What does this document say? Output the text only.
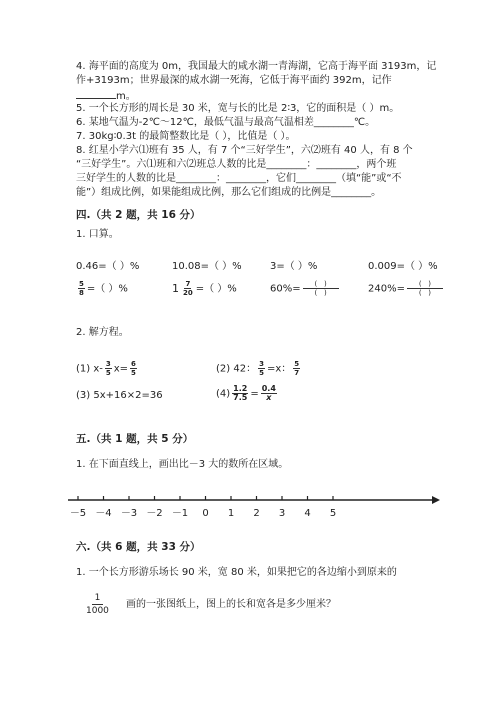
4. 海平面的高度为 0m，我国最大的咸水湖一青海湖，它高于海平面 3193m，记
作+3193m；世界最深的咸水湖一死海，它低于海平面约 392m，记作
m。
5. 一个长方形的周长是 30 米，宽与长的比是 2∶3，它的面积是（ ）m。
6. 某地气温为-2℃～12℃，最低气温与最高气温相差________℃。
7. 30kg∶0.3t 的最简整数比是（ ），比值是（ ）。
8. 红星小学六⑴班有 35 人，有 7 个“三好学生”，六⑵班有 40 人，有 8 个
“三好学生”。六⑴班和六⑵班总人数的比是________：________，两个班
三好学生的人数的比是________：________，它们________（填“能”或“不
能”）组成比例，如果能组成比例，那么它们组成的比例是________。
四.（共 2 题，共 16 分）
1. 口算。
0.46=（ ）%	10.08=（ ）%	3=（ ）%	0.009=（ ）%
$\frac{5}{8}$ =（ ）%	$1 \frac{7}{20}$ =（ ）%	$60\%= \frac{( )}{( )}$	$240\%= \frac{( )}{( )}$
2. 解方程。
(1) $x- \frac{3}{5} x= \frac{6}{5}$	(2) 42： $\frac{3}{5} =x$： $\frac{5}{7}$
(3) 5x+16×2=36	$(4) \frac{1.2}{7.5} = \frac{0.4}{x}$
五.（共 1 题，共 5 分）
1. 在下面直线上，画出比－3 大的数所在区域。
－5 －4 －3 －2 －1 0 1 2 3 4 5
六.（共 6 题，共 33 分）
1. 一个长方形游乐场长 90 米，宽 80 米，如果把它的各边缩小到原来的
$\frac{1}{1000}$ 画的一张图纸上，图上的长和宽各是多少厘米？
